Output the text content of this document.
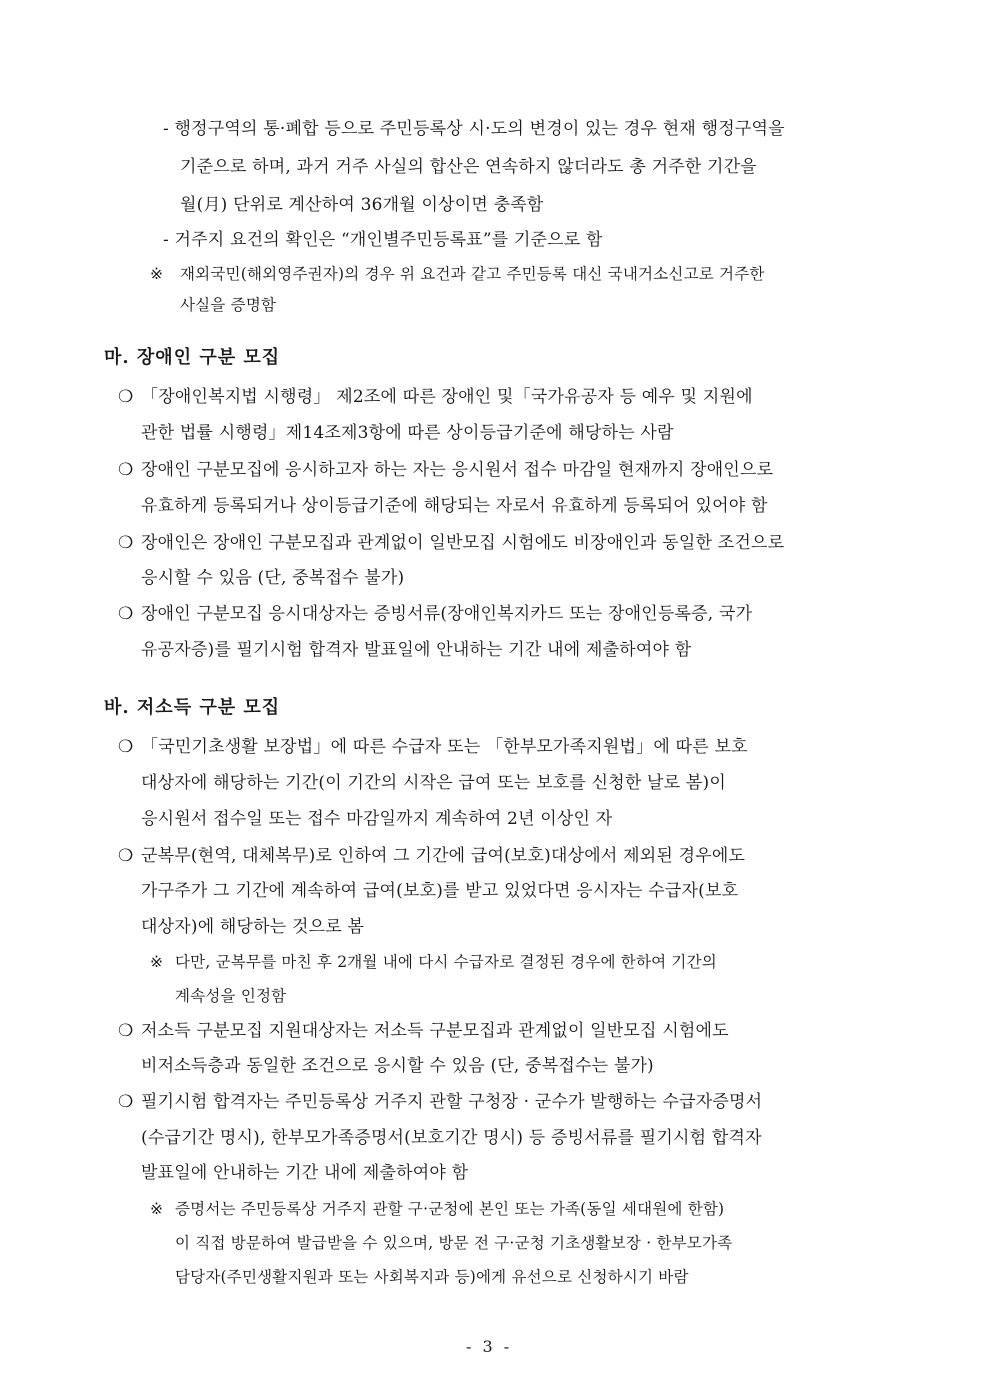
- 행정구역의 통·폐합 등으로 주민등록상 시·도의 변경이 있는 경우 현재 행정구역을
기준으로 하며, 과거 거주 사실의 합산은 연속하지 않더라도 총 거주한 기간을
월(月) 단위로 계산하여 36개월 이상이면 충족함
- 거주지 요건의 확인은 “개인별주민등록표”를 기준으로 함
※ 재외국민(해외영주권자)의 경우 위 요건과 같고 주민등록 대신 국내거소신고로 거주한
사실을 증명함
마. 장애인 구분 모집
❍ 「장애인복지법 시행령」 제2조에 따른 장애인 및「국가유공자 등 예우 및 지원에
관한 법률 시행령」제14조제3항에 따른 상이등급기준에 해당하는 사람
❍ 장애인 구분모집에 응시하고자 하는 자는 응시원서 접수 마감일 현재까지 장애인으로
유효하게 등록되거나 상이등급기준에 해당되는 자로서 유효하게 등록되어 있어야 함
❍ 장애인은 장애인 구분모집과 관계없이 일반모집 시험에도 비장애인과 동일한 조건으로
응시할 수 있음 (단, 중복접수 불가)
❍ 장애인 구분모집 응시대상자는 증빙서류(장애인복지카드 또는 장애인등록증, 국가
유공자증)를 필기시험 합격자 발표일에 안내하는 기간 내에 제출하여야 함
바. 저소득 구분 모집
❍ 「국민기초생활 보장법」에 따른 수급자 또는 「한부모가족지원법」에 따른 보호
대상자에 해당하는 기간(이 기간의 시작은 급여 또는 보호를 신청한 날로 봄)이
응시원서 접수일 또는 접수 마감일까지 계속하여 2년 이상인 자
❍ 군복무(현역, 대체복무)로 인하여 그 기간에 급여(보호)대상에서 제외된 경우에도
가구주가 그 기간에 계속하여 급여(보호)를 받고 있었다면 응시자는 수급자(보호
대상자)에 해당하는 것으로 봄
※ 다만, 군복무를 마친 후 2개월 내에 다시 수급자로 결정된 경우에 한하여 기간의
계속성을 인정함
❍ 저소득 구분모집 지원대상자는 저소득 구분모집과 관계없이 일반모집 시험에도
비저소득층과 동일한 조건으로 응시할 수 있음 (단, 중복접수는 불가)
❍ 필기시험 합격자는 주민등록상 거주지 관할 구청장 · 군수가 발행하는 수급자증명서
(수급기간 명시), 한부모가족증명서(보호기간 명시) 등 증빙서류를 필기시험 합격자
발표일에 안내하는 기간 내에 제출하여야 함
※ 증명서는 주민등록상 거주지 관할 구·군청에 본인 또는 가족(동일 세대원에 한함)
이 직접 방문하여 발급받을 수 있으며, 방문 전 구·군청 기초생활보장 · 한부모가족
담당자(주민생활지원과 또는 사회복지과 등)에게 유선으로 신청하시기 바람
- 3 -
